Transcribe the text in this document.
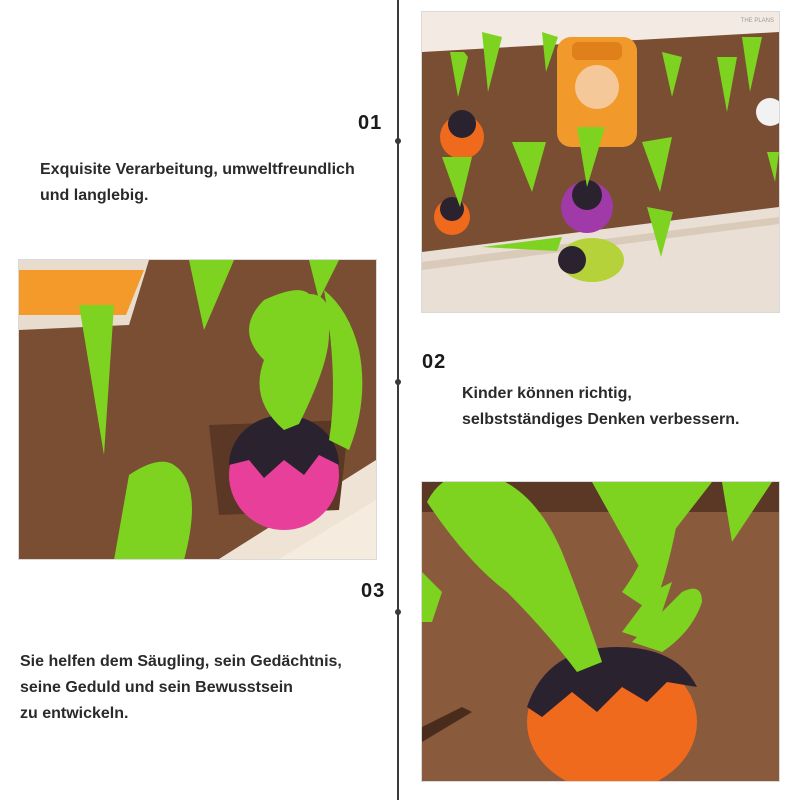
01
Exquisite Verarbeitung, umweltfreundlich
und langlebig.
02
Kinder können richtig,
selbstständiges Denken verbessern.
03
Sie helfen dem Säugling, sein Gedächtnis,
seine Geduld und sein Bewusstsein
zu entwickeln.
THE PLANS
